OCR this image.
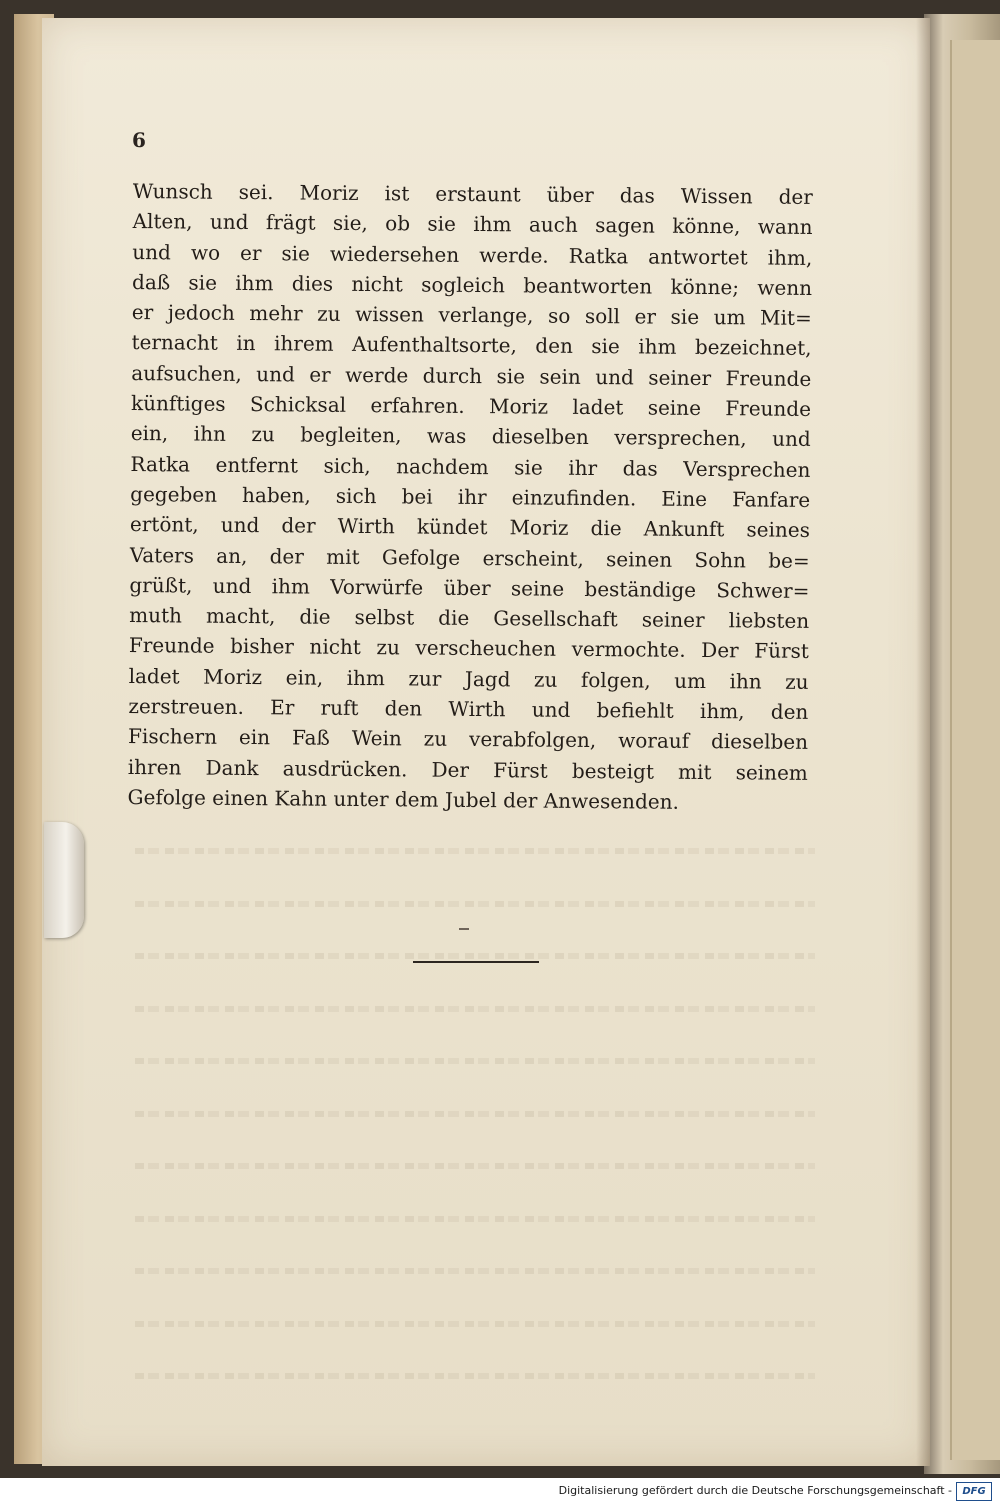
6
Wunsch sei. Moriz ist erstaunt über das Wissen der
Alten, und frägt sie, ob sie ihm auch sagen könne, wann
und wo er sie wiedersehen werde. Ratka antwortet ihm,
daß sie ihm dies nicht sogleich beantworten könne; wenn
er jedoch mehr zu wissen verlange, so soll er sie um Mit=
ternacht in ihrem Aufenthaltsorte, den sie ihm bezeichnet,
aufsuchen, und er werde durch sie sein und seiner Freunde
künftiges Schicksal erfahren. Moriz ladet seine Freunde
ein, ihn zu begleiten, was dieselben versprechen, und
Ratka entfernt sich, nachdem sie ihr das Versprechen
gegeben haben, sich bei ihr einzufinden. Eine Fanfare
ertönt, und der Wirth kündet Moriz die Ankunft seines
Vaters an, der mit Gefolge erscheint, seinen Sohn be=
grüßt, und ihm Vorwürfe über seine beständige Schwer=
muth macht, die selbst die Gesellschaft seiner liebsten
Freunde bisher nicht zu verscheuchen vermochte. Der Fürst
ladet Moriz ein, ihm zur Jagd zu folgen, um ihn zu
zerstreuen. Er ruft den Wirth und befiehlt ihm, den
Fischern ein Faß Wein zu verabfolgen, worauf dieselben
ihren Dank ausdrücken. Der Fürst besteigt mit seinem
Gefolge einen Kahn unter dem Jubel der Anwesenden.
Digitalisierung gefördert durch die Deutsche Forschungsgemeinschaft -	DFG
